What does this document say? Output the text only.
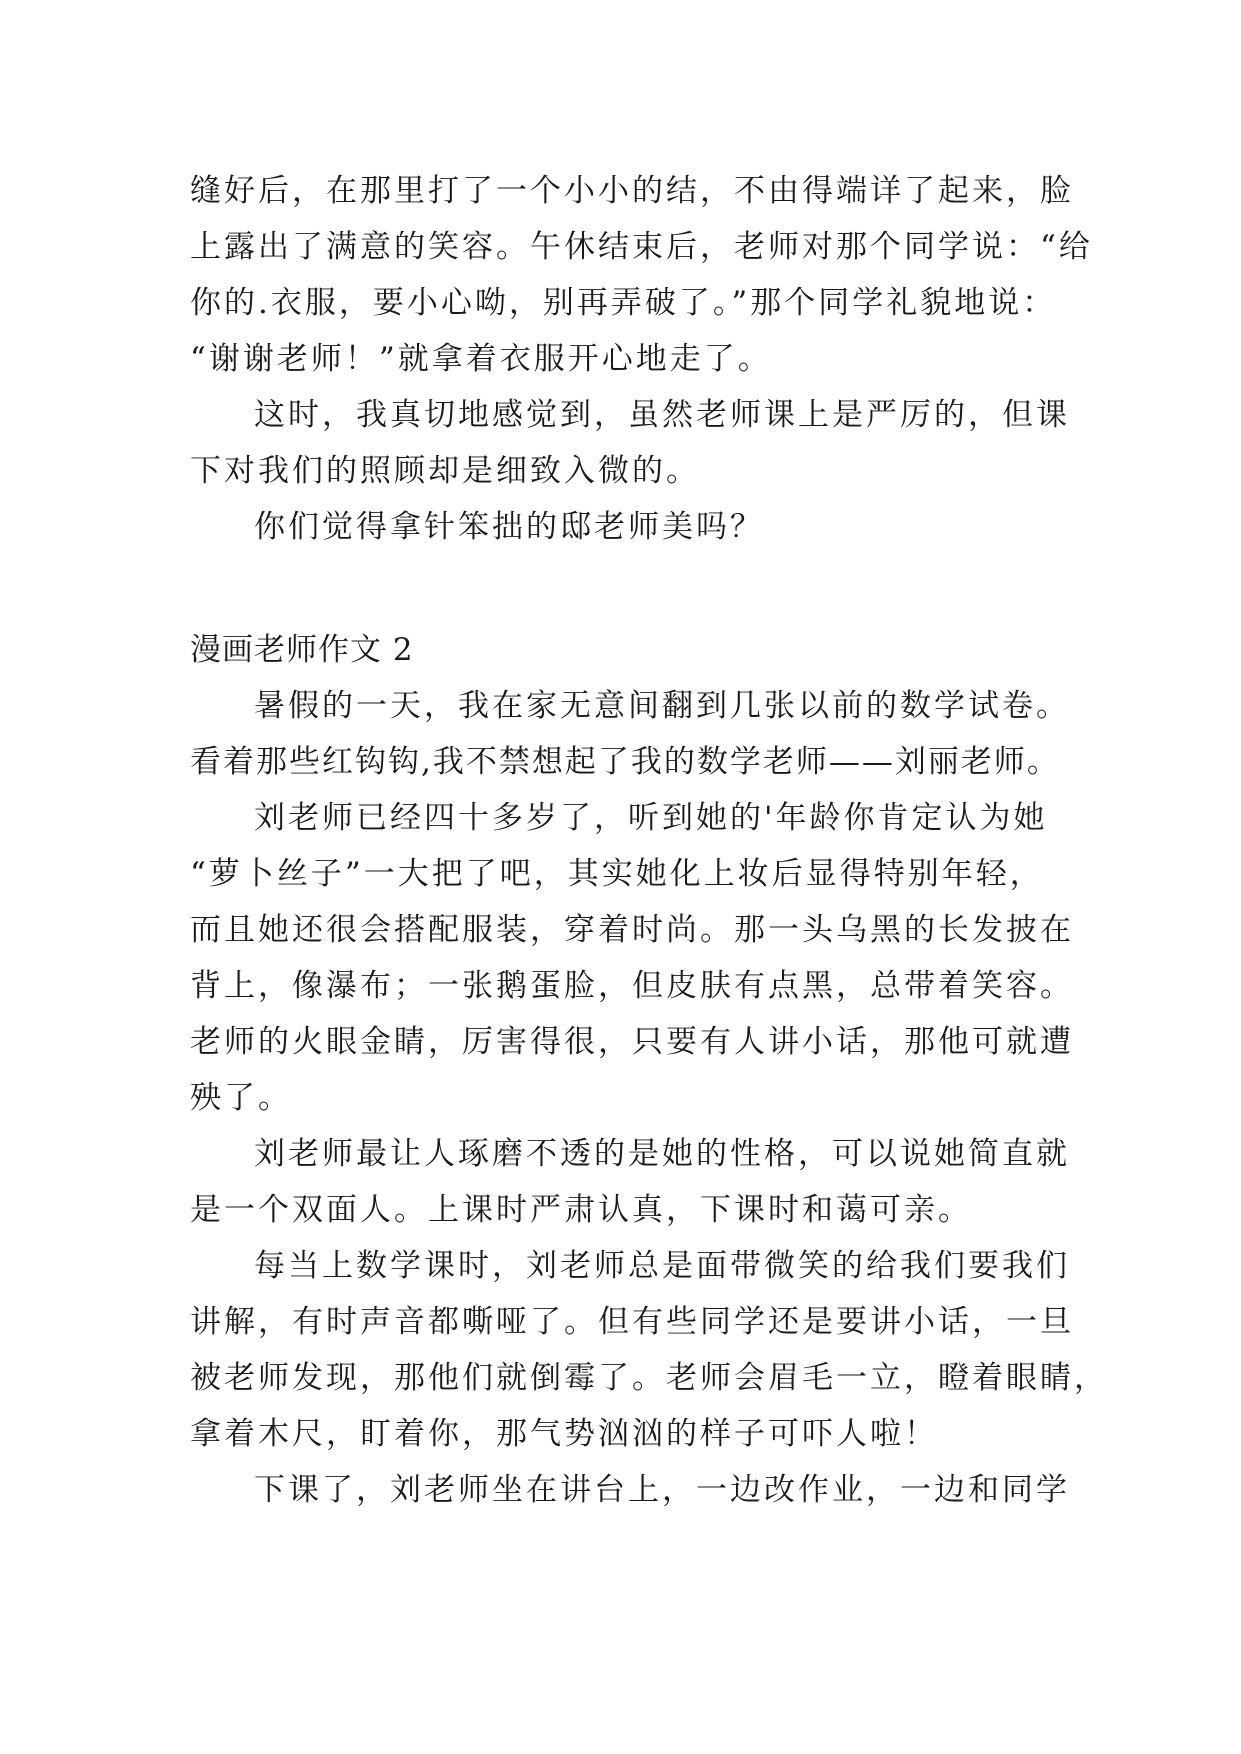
缝好后，在那里打了一个小小的结，不由得端详了起来，脸
上露出了满意的笑容。午休结束后，老师对那个同学说：“给
你的.衣服，要小心呦，别再弄破了。”那个同学礼貌地说：
“谢谢老师！”就拿着衣服开心地走了。
这时，我真切地感觉到，虽然老师课上是严厉的，但课
下对我们的照顾却是细致入微的。
你们觉得拿针笨拙的邸老师美吗？
漫画老师作文 2
暑假的一天，我在家无意间翻到几张以前的数学试卷。
看着那些红钩钩,我不禁想起了我的数学老师——刘丽老师。
刘老师已经四十多岁了，听到她的'年龄你肯定认为她
“萝卜丝子”一大把了吧，其实她化上妆后显得特别年轻，
而且她还很会搭配服装，穿着时尚。那一头乌黑的长发披在
背上，像瀑布；一张鹅蛋脸，但皮肤有点黑，总带着笑容。
老师的火眼金睛，厉害得很，只要有人讲小话，那他可就遭
殃了。
刘老师最让人琢磨不透的是她的性格，可以说她简直就
是一个双面人。上课时严肃认真，下课时和蔼可亲。
每当上数学课时，刘老师总是面带微笑的给我们要我们
讲解，有时声音都嘶哑了。但有些同学还是要讲小话，一旦
被老师发现，那他们就倒霉了。老师会眉毛一立，瞪着眼睛，
拿着木尺，盯着你，那气势汹汹的样子可吓人啦！
下课了，刘老师坐在讲台上，一边改作业，一边和同学
